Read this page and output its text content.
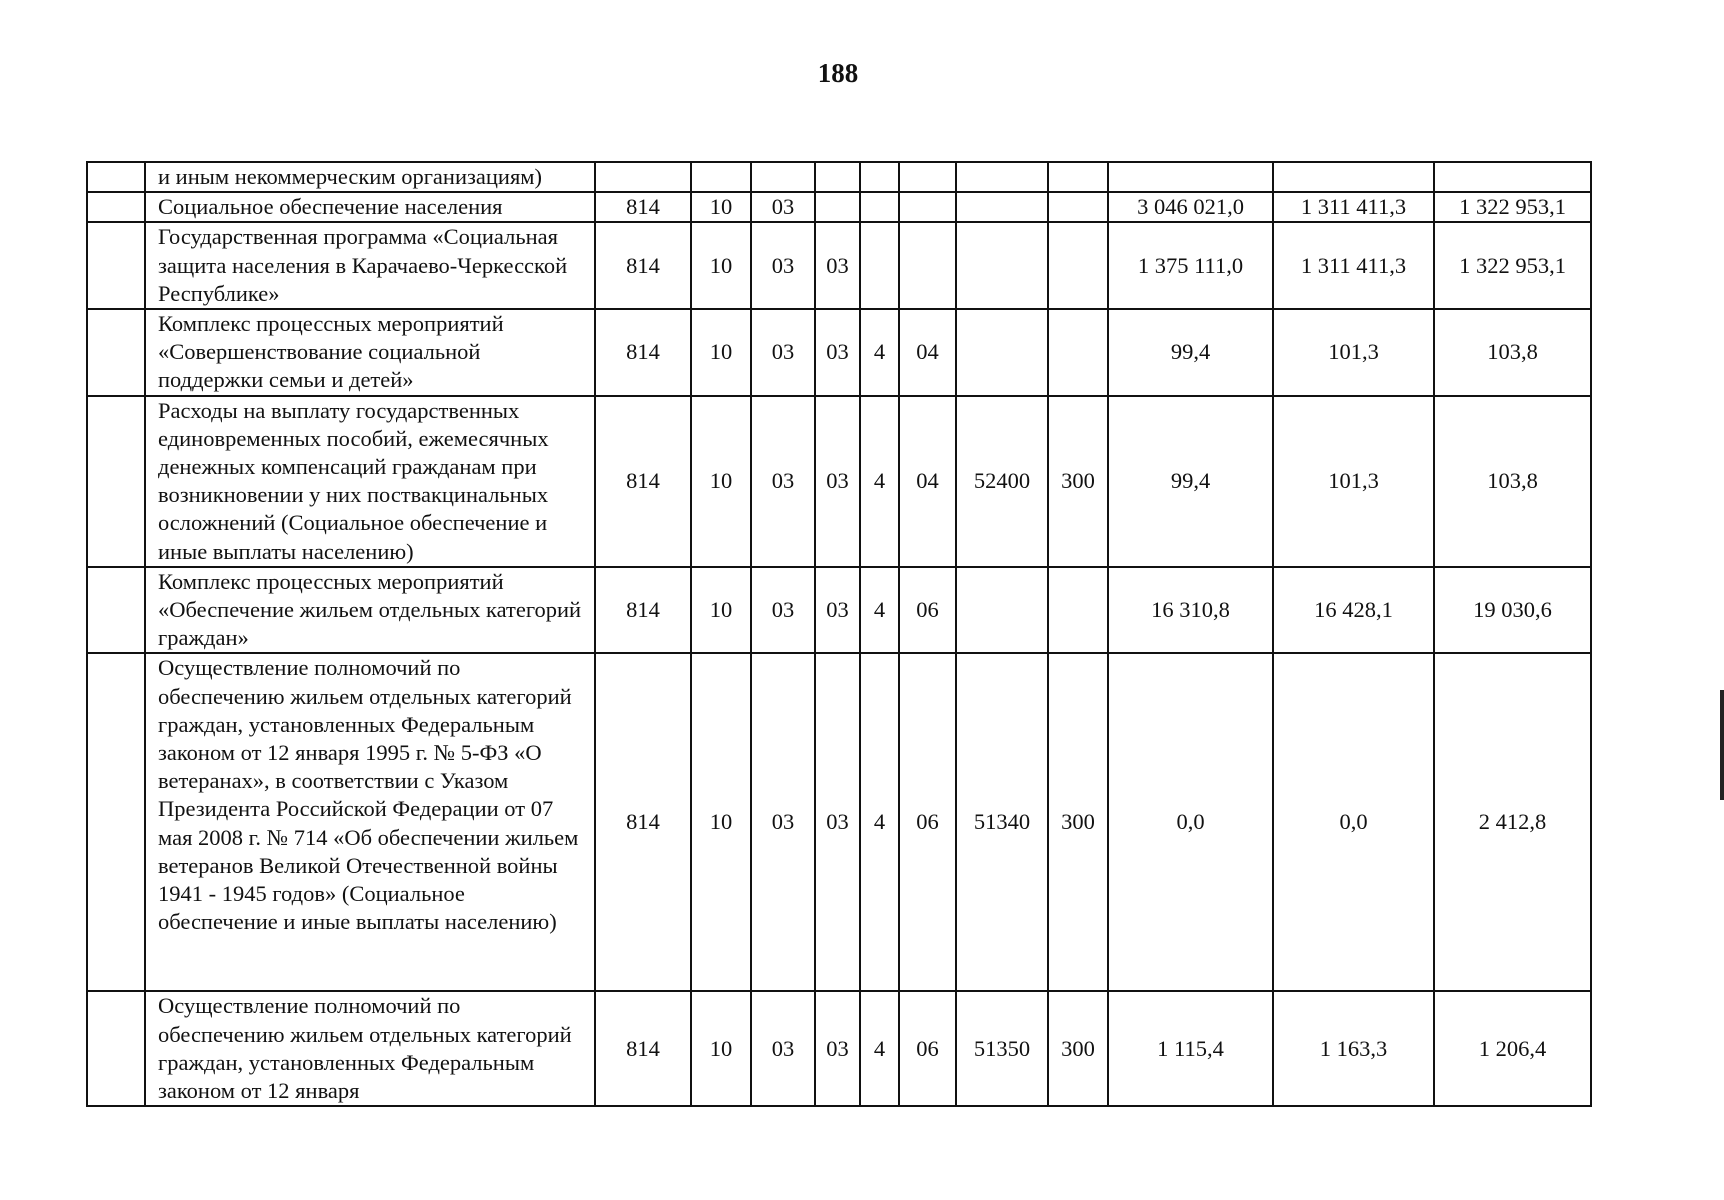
188
	и иным некоммерческим организациям)											
	Социальное обеспечение населения	814	10	03						3 046 021,0	1 311 411,3	1 322 953,1
	Государственная программа «Социальная защита населения в Карачаево-Черкесской Республике»	814	10	03	03					1 375 111,0	1 311 411,3	1 322 953,1
	Комплекс процессных мероприятий «Совершенствование социальной поддержки семьи и детей»	814	10	03	03	4	04			99,4	101,3	103,8
	Расходы на выплату государственных единовременных пособий, ежемесячных денежных компенсаций гражданам при возникновении у них поствакцинальных осложнений (Социальное обеспечение и иные выплаты населению)	814	10	03	03	4	04	52400	300	99,4	101,3	103,8
	Комплекс процессных мероприятий «Обеспечение жильем отдельных категорий граждан»	814	10	03	03	4	06			16 310,8	16 428,1	19 030,6
	Осуществление полномочий по обеспечению жильем отдельных категорий граждан, установленных Федеральным законом от 12 января 1995 г. № 5-ФЗ «О ветеранах», в соответствии с Указом Президента Российской Федерации от 07 мая 2008 г. № 714 «Об обеспечении жильем ветеранов Великой Отечественной войны 1941 - 1945 годов» (Социальное обеспечение и иные выплаты населению)	814	10	03	03	4	06	51340	300	0,0	0,0	2 412,8
	Осуществление полномочий по обеспечению жильем отдельных категорий граждан, установленных Федеральным законом от 12 января	814	10	03	03	4	06	51350	300	1 115,4	1 163,3	1 206,4
